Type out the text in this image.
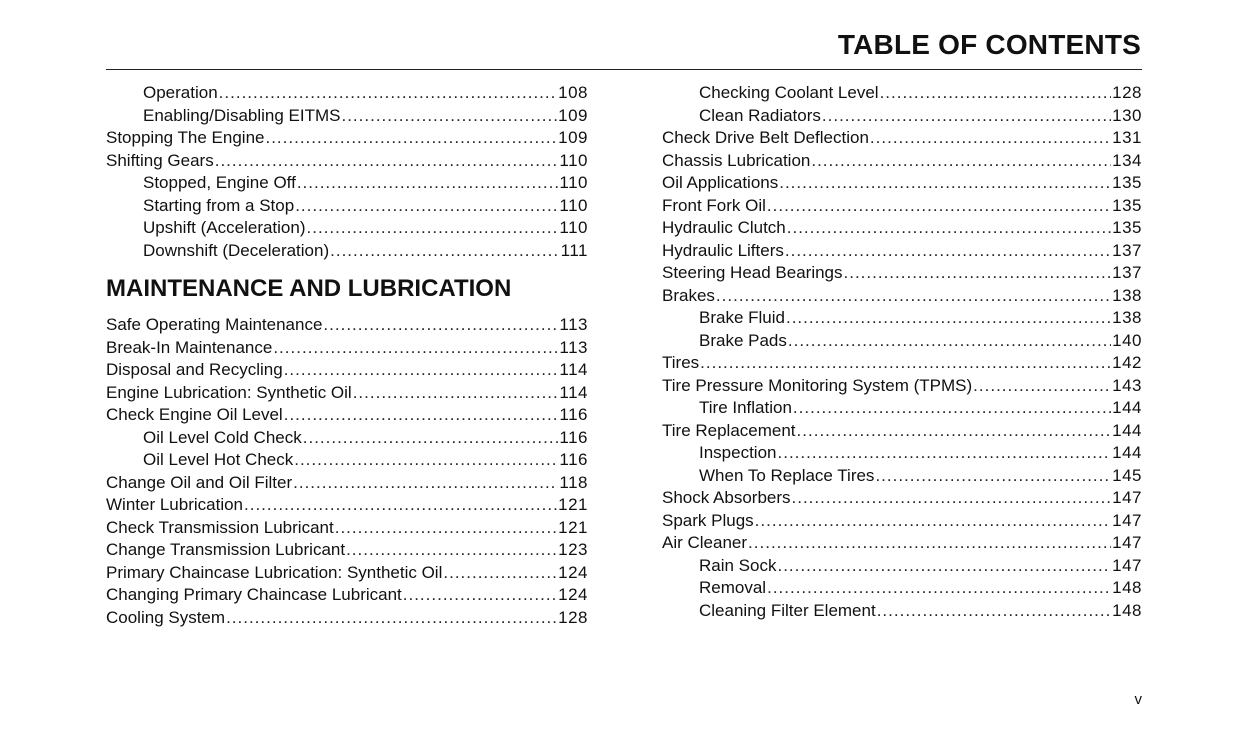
TABLE OF CONTENTS
Operation .....	108
Enabling/Disabling EITMS .....	109
Stopping The Engine .....	109
Shifting Gears .....	110
Stopped, Engine Off .....	110
Starting from a Stop .....	110
Upshift (Acceleration) .....	110
Downshift (Deceleration) .....	111
MAINTENANCE AND LUBRICATION
Safe Operating Maintenance .....	113
Break-In Maintenance .....	113
Disposal and Recycling .....	114
Engine Lubrication: Synthetic Oil .....	114
Check Engine Oil Level .....	116
Oil Level Cold Check .....	116
Oil Level Hot Check .....	116
Change Oil and Oil Filter .....	118
Winter Lubrication .....	121
Check Transmission Lubricant .....	121
Change Transmission Lubricant .....	123
Primary Chaincase Lubrication: Synthetic Oil .....	124
Changing Primary Chaincase Lubricant .....	124
Cooling System .....	128
Checking Coolant Level .....	128
Clean Radiators .....	130
Check Drive Belt Deflection .....	131
Chassis Lubrication .....	134
Oil Applications .....	135
Front Fork Oil .....	135
Hydraulic Clutch .....	135
Hydraulic Lifters .....	137
Steering Head Bearings .....	137
Brakes .....	138
Brake Fluid .....	138
Brake Pads .....	140
Tires .....	142
Tire Pressure Monitoring System (TPMS) .....	143
Tire Inflation .....	144
Tire Replacement .....	144
Inspection .....	144
When To Replace Tires .....	145
Shock Absorbers .....	147
Spark Plugs .....	147
Air Cleaner .....	147
Rain Sock .....	147
Removal .....	148
Cleaning Filter Element .....	148
v
